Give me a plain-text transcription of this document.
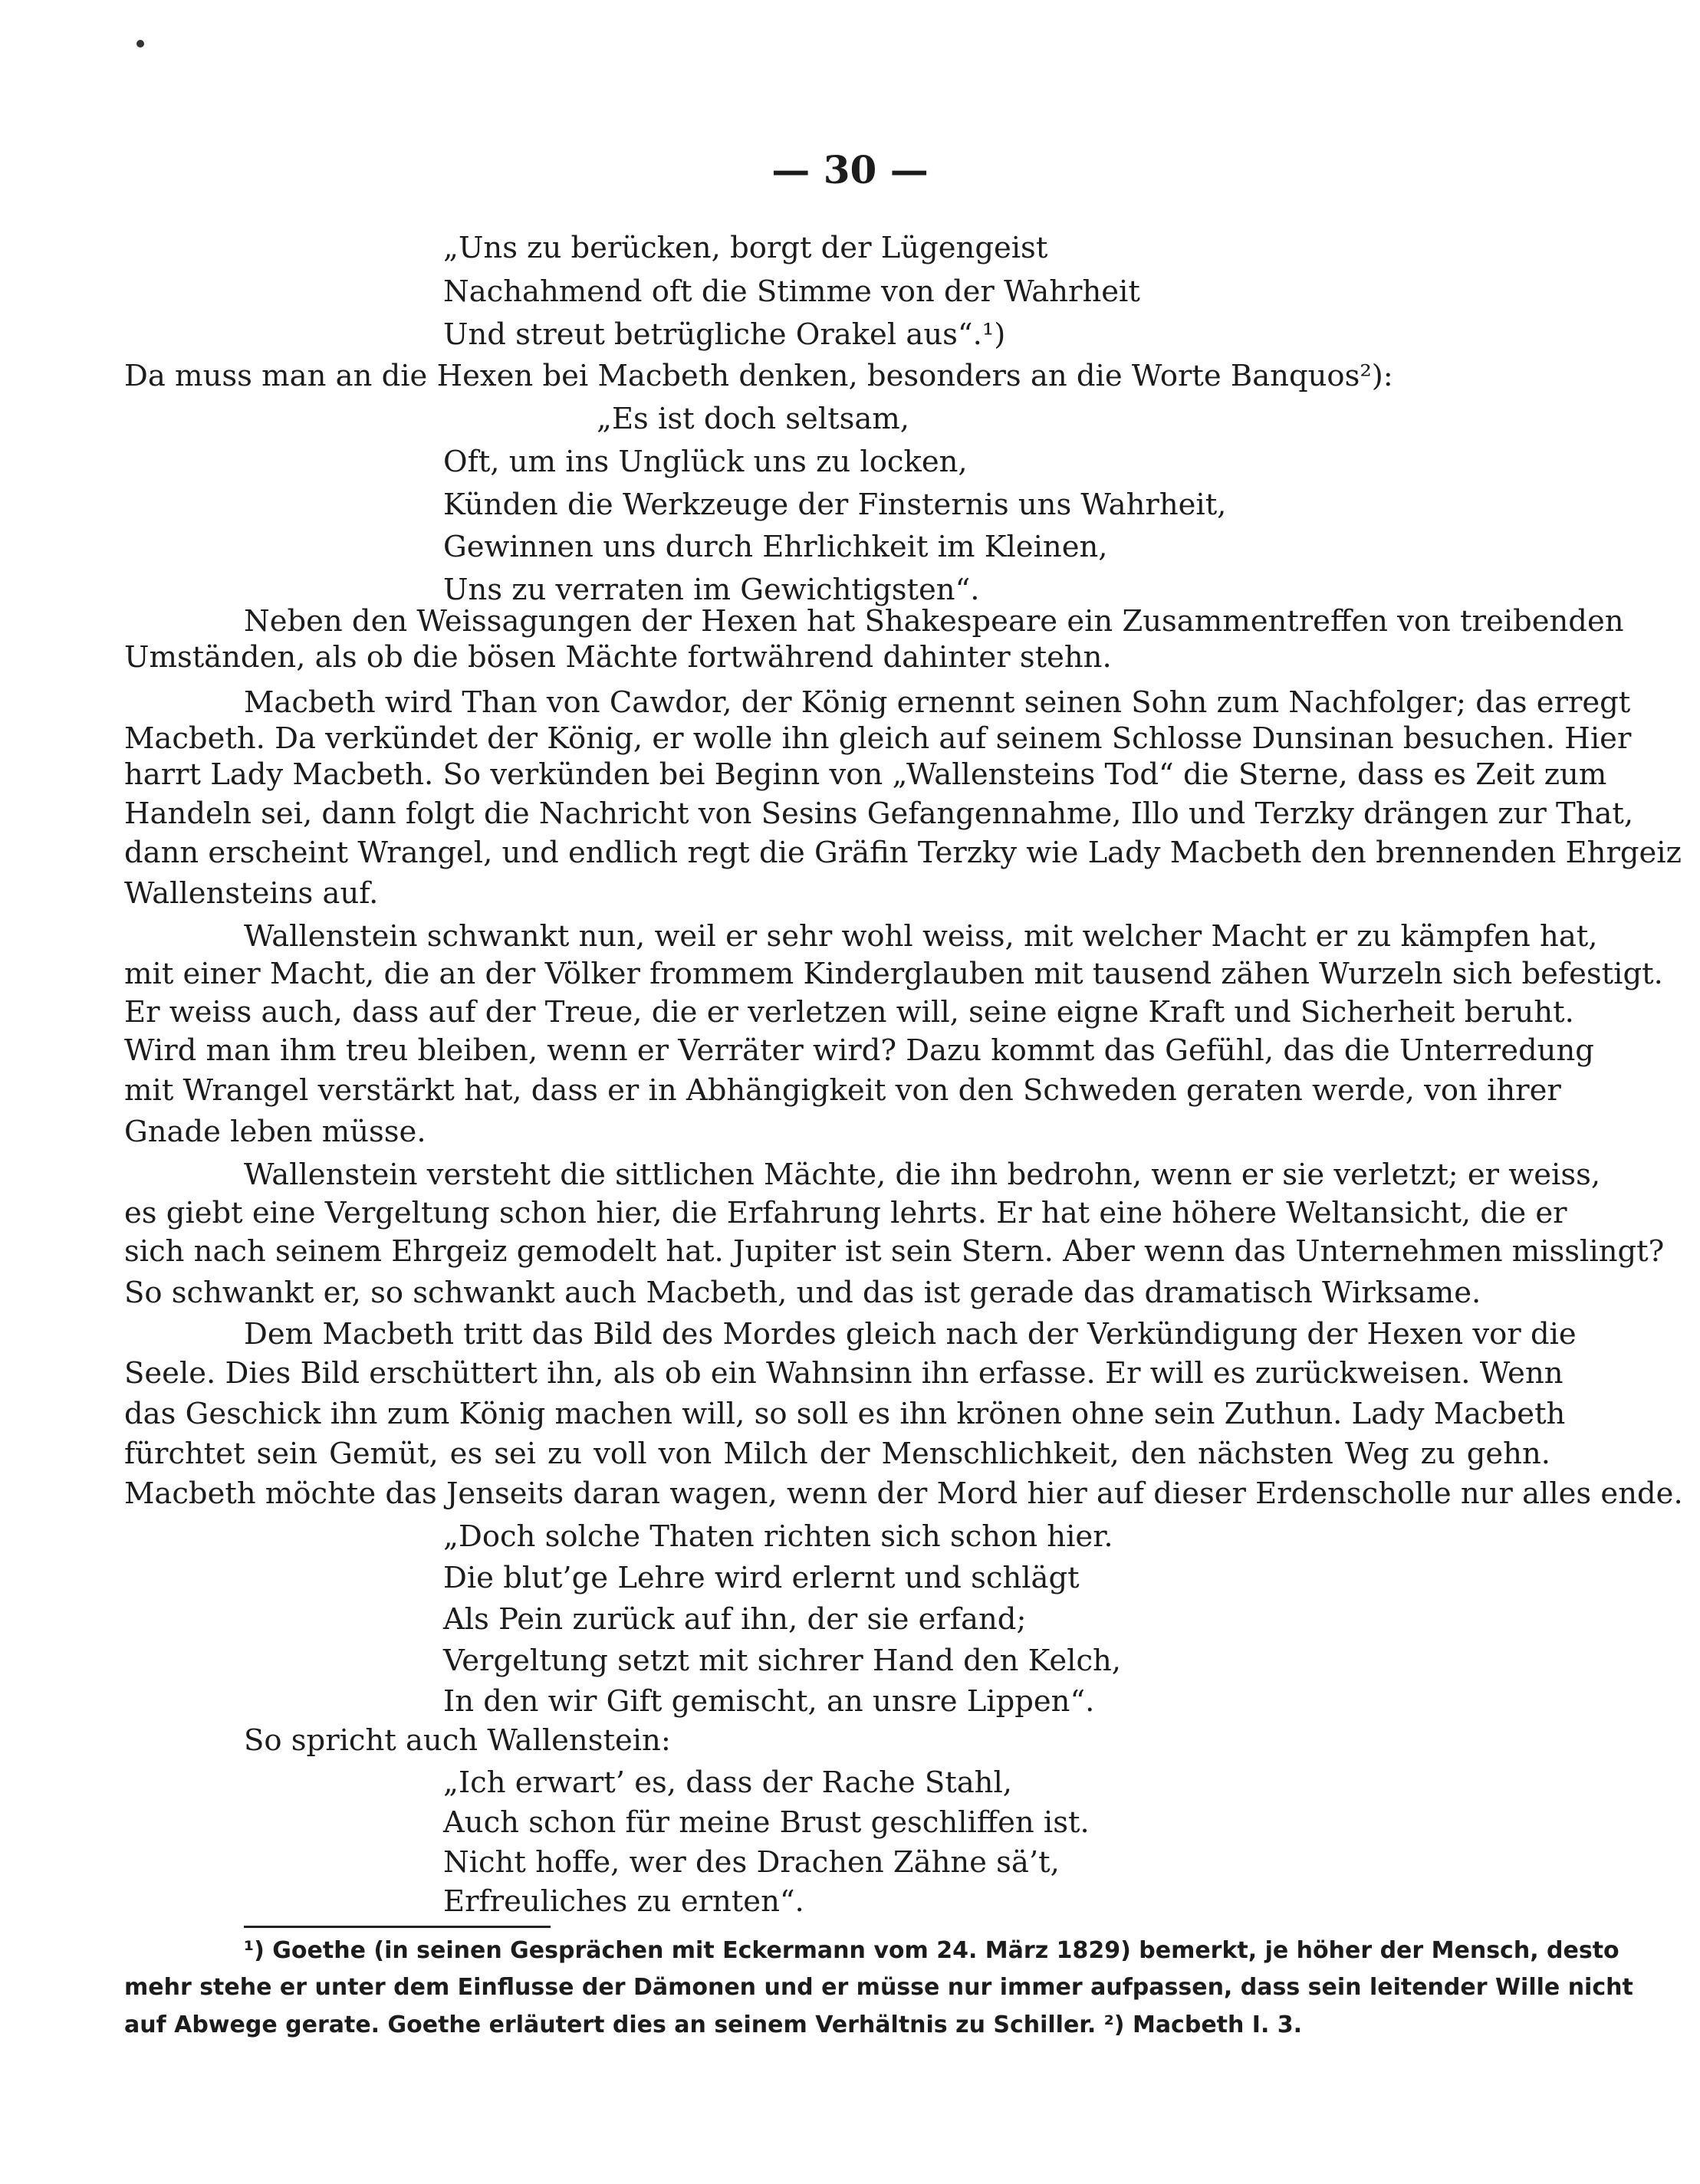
— 30 —
„Uns zu berücken, borgt der Lügengeist
Nachahmend oft die Stimme von der Wahrheit
Und streut betrügliche Orakel aus“.¹)
Da muss man an die Hexen bei Macbeth denken, besonders an die Worte Banquos²):
„Es ist doch seltsam,
Oft, um ins Unglück uns zu locken,
Künden die Werkzeuge der Finsternis uns Wahrheit,
Gewinnen uns durch Ehrlichkeit im Kleinen,
Uns zu verraten im Gewichtigsten“.
Neben den Weissagungen der Hexen hat Shakespeare ein Zusammentreffen von treibenden
Umständen, als ob die bösen Mächte fortwährend dahinter stehn.
Macbeth wird Than von Cawdor, der König ernennt seinen Sohn zum Nachfolger; das erregt
Macbeth. Da verkündet der König, er wolle ihn gleich auf seinem Schlosse Dunsinan besuchen. Hier
harrt Lady Macbeth. So verkünden bei Beginn von „Wallensteins Tod“ die Sterne, dass es Zeit zum
Handeln sei, dann folgt die Nachricht von Sesins Gefangennahme, Illo und Terzky drängen zur That,
dann erscheint Wrangel, und endlich regt die Gräfin Terzky wie Lady Macbeth den brennenden Ehrgeiz
Wallensteins auf.
Wallenstein schwankt nun, weil er sehr wohl weiss, mit welcher Macht er zu kämpfen hat,
mit einer Macht, die an der Völker frommem Kinderglauben mit tausend zähen Wurzeln sich befestigt.
Er weiss auch, dass auf der Treue, die er verletzen will, seine eigne Kraft und Sicherheit beruht.
Wird man ihm treu bleiben, wenn er Verräter wird? Dazu kommt das Gefühl, das die Unterredung
mit Wrangel verstärkt hat, dass er in Abhängigkeit von den Schweden geraten werde, von ihrer
Gnade leben müsse.
Wallenstein versteht die sittlichen Mächte, die ihn bedrohn, wenn er sie verletzt; er weiss,
es giebt eine Vergeltung schon hier, die Erfahrung lehrts. Er hat eine höhere Weltansicht, die er
sich nach seinem Ehrgeiz gemodelt hat. Jupiter ist sein Stern. Aber wenn das Unternehmen misslingt?
So schwankt er, so schwankt auch Macbeth, und das ist gerade das dramatisch Wirksame.
Dem Macbeth tritt das Bild des Mordes gleich nach der Verkündigung der Hexen vor die
Seele. Dies Bild erschüttert ihn, als ob ein Wahnsinn ihn erfasse. Er will es zurückweisen. Wenn
das Geschick ihn zum König machen will, so soll es ihn krönen ohne sein Zuthun. Lady Macbeth
fürchtet sein Gemüt, es sei zu voll von Milch der Menschlichkeit, den nächsten Weg zu gehn.
Macbeth möchte das Jenseits daran wagen, wenn der Mord hier auf dieser Erdenscholle nur alles ende.
„Doch solche Thaten richten sich schon hier.
Die blut’ge Lehre wird erlernt und schlägt
Als Pein zurück auf ihn, der sie erfand;
Vergeltung setzt mit sichrer Hand den Kelch,
In den wir Gift gemischt, an unsre Lippen“.
So spricht auch Wallenstein:
„Ich erwart’ es, dass der Rache Stahl,
Auch schon für meine Brust geschliffen ist.
Nicht hoffe, wer des Drachen Zähne sä’t,
Erfreuliches zu ernten“.
¹) Goethe (in seinen Gesprächen mit Eckermann vom 24. März 1829) bemerkt, je höher der Mensch, desto
mehr stehe er unter dem Einflusse der Dämonen und er müsse nur immer aufpassen, dass sein leitender Wille nicht
auf Abwege gerate. Goethe erläutert dies an seinem Verhältnis zu Schiller. ²) Macbeth I. 3.
